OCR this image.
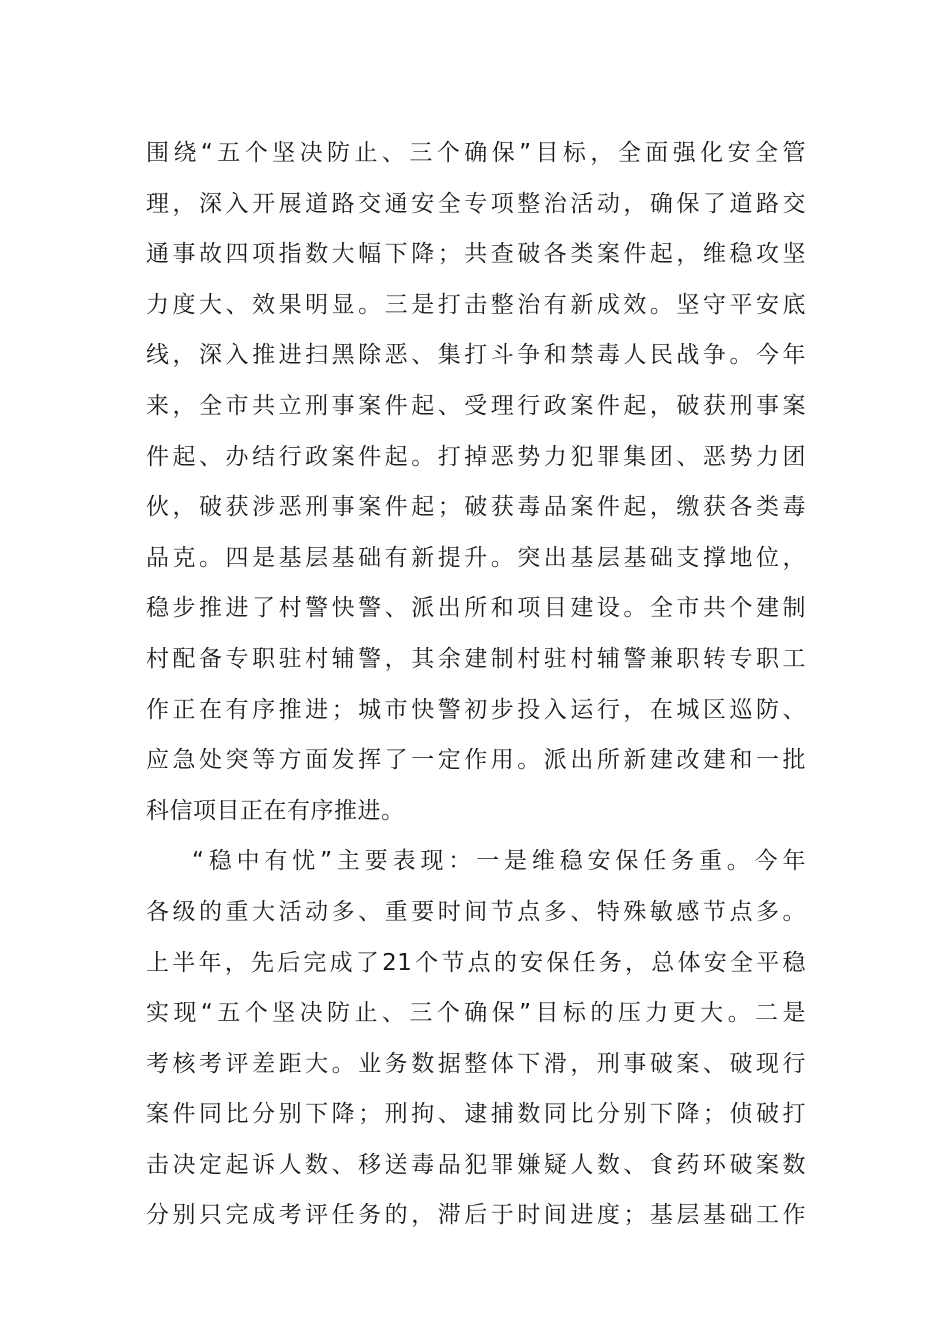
围绕“五个坚决防止、三个确保”目标，全面强化安全管
理，深入开展道路交通安全专项整治活动，确保了道路交
通事故四项指数大幅下降；共查破各类案件起，维稳攻坚
力度大、效果明显。三是打击整治有新成效。坚守平安底
线，深入推进扫黑除恶、集打斗争和禁毒人民战争。今年
来，全市共立刑事案件起、受理行政案件起，破获刑事案
件起、办结行政案件起。打掉恶势力犯罪集团、恶势力团
伙，破获涉恶刑事案件起；破获毒品案件起，缴获各类毒
品克。四是基层基础有新提升。突出基层基础支撑地位，
稳步推进了村警快警、派出所和项目建设。全市共个建制
村配备专职驻村辅警，其余建制村驻村辅警兼职转专职工
作正在有序推进；城市快警初步投入运行，在城区巡防、
应急处突等方面发挥了一定作用。派出所新建改建和一批
科信项目正在有序推进。
“稳中有忧”主要表现：一是维稳安保任务重。今年
各级的重大活动多、重要时间节点多、特殊敏感节点多。
上半年，先后完成了21个节点的安保任务，总体安全平稳
实现“五个坚决防止、三个确保”目标的压力更大。二是
考核考评差距大。业务数据整体下滑，刑事破案、破现行
案件同比分别下降；刑拘、逮捕数同比分别下降；侦破打
击决定起诉人数、移送毒品犯罪嫌疑人数、食药环破案数
分别只完成考评任务的，滞后于时间进度；基层基础工作
